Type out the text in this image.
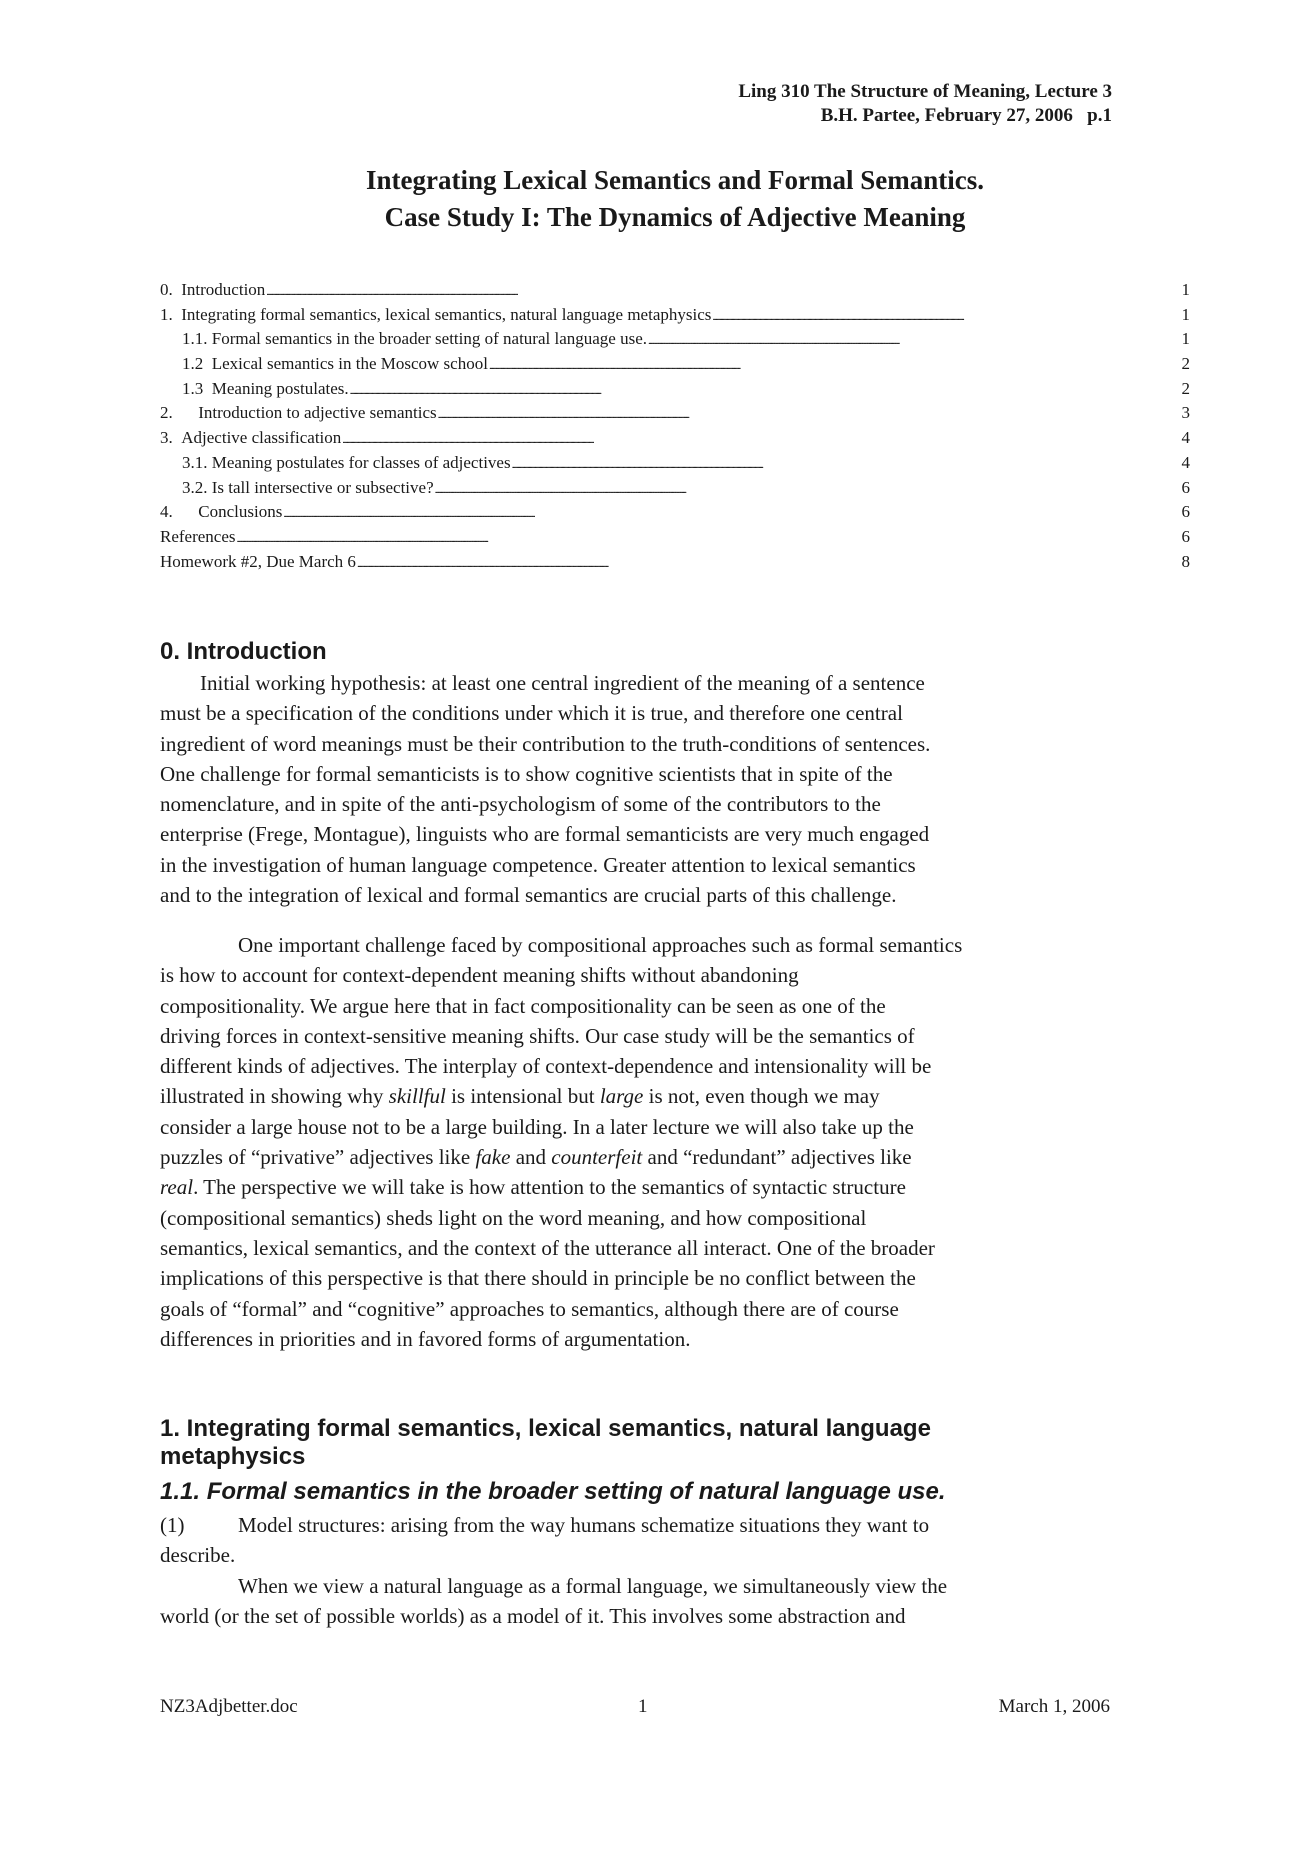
Ling 310 The Structure of Meaning, Lecture 3
B.H. Partee, February 27, 2006   p.1
Integrating Lexical Semantics and Formal Semantics.
Case Study I: The Dynamics of Adjective Meaning
0. Introduction . . .	1
1. Integrating formal semantics, lexical semantics, natural language metaphysics . . .	1
1.1. Formal semantics in the broader setting of natural language use. . . .	1
1.2 Lexical semantics in the Moscow school . . .	2
1.3 Meaning postulates. . . .	2
2. Introduction to adjective semantics . . .	3
3. Adjective classification . . .	4
3.1. Meaning postulates for classes of adjectives . . .	4
3.2. Is tall intersective or subsective? . . .	6
4. Conclusions . . .	6
References . . .	6
Homework #2, Due March 6 . . .	8
0. Introduction
Initial working hypothesis: at least one central ingredient of the meaning of a sentence
must be a specification of the conditions under which it is true, and therefore one central
ingredient of word meanings must be their contribution to the truth-conditions of sentences.
One challenge for formal semanticists is to show cognitive scientists that in spite of the
nomenclature, and in spite of the anti-psychologism of some of the contributors to the
enterprise (Frege, Montague), linguists who are formal semanticists are very much engaged
in the investigation of human language competence. Greater attention to lexical semantics
and to the integration of lexical and formal semantics are crucial parts of this challenge.
One important challenge faced by compositional approaches such as formal semantics
is how to account for context-dependent meaning shifts without abandoning
compositionality. We argue here that in fact compositionality can be seen as one of the
driving forces in context-sensitive meaning shifts. Our case study will be the semantics of
different kinds of adjectives. The interplay of context-dependence and intensionality will be
illustrated in showing why skillful is intensional but large is not, even though we may
consider a large house not to be a large building. In a later lecture we will also take up the
puzzles of “privative” adjectives like fake and counterfeit and “redundant” adjectives like
real. The perspective we will take is how attention to the semantics of syntactic structure
(compositional semantics) sheds light on the word meaning, and how compositional
semantics, lexical semantics, and the context of the utterance all interact. One of the broader
implications of this perspective is that there should in principle be no conflict between the
goals of “formal” and “cognitive” approaches to semantics, although there are of course
differences in priorities and in favored forms of argumentation.
1. Integrating formal semantics, lexical semantics, natural language
metaphysics
1.1. Formal semantics in the broader setting of natural language use.
(1)	Model structures: arising from the way humans schematize situations they want to
describe.
When we view a natural language as a formal language, we simultaneously view the
world (or the set of possible worlds) as a model of it. This involves some abstraction and
NZ3Adjbetter.doc	1	March 1, 2006
